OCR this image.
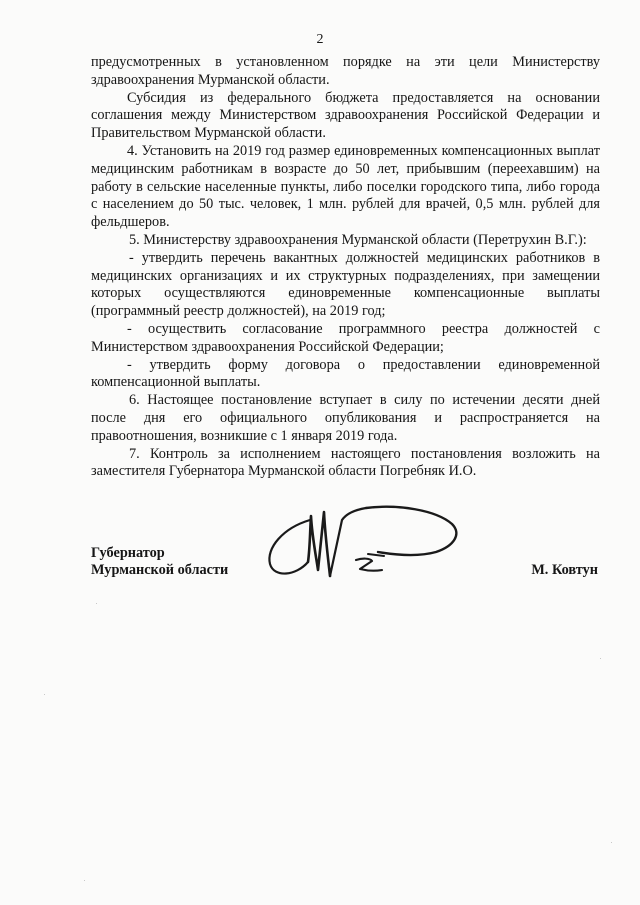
2

предусмотренных в установленном порядке на эти цели Министерству здравоохранения Мурманской области.

Субсидия из федерального бюджета предоставляется на основании соглашения между Министерством здравоохранения Российской Федерации и Правительством Мурманской области.

4. Установить на 2019 год размер единовременных компенсационных выплат медицинским работникам в возрасте до 50 лет, прибывшим (переехавшим) на работу в сельские населенные пункты, либо поселки городского типа, либо города с населением до 50 тыс. человек, 1 млн. рублей для врачей, 0,5 млн. рублей для фельдшеров.

5. Министерству здравоохранения Мурманской области (Перетрухин В.Г.):

- утвердить перечень вакантных должностей медицинских работников в медицинских организациях и их структурных подразделениях, при замещении которых осуществляются единовременные компенсационные выплаты (программный реестр должностей), на 2019 год;

- осуществить согласование программного реестра должностей с Министерством здравоохранения Российской Федерации;

- утвердить форму договора о предоставлении единовременной компенсационной выплаты.

6. Настоящее постановление вступает в силу по истечении десяти дней после дня его официального опубликования и распространяется на правоотношения, возникшие с 1 января 2019 года.

7. Контроль за исполнением настоящего постановления возложить на заместителя Губернатора Мурманской области Погребняк И.О.

Губернатор
Мурманской области	М. Ковтун
